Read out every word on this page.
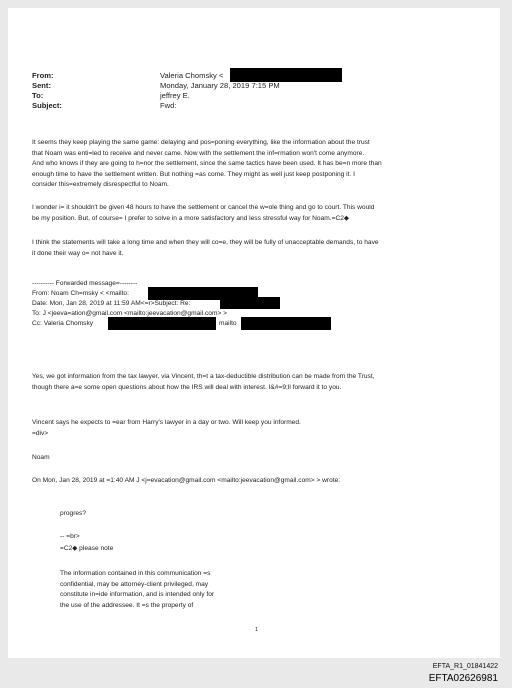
From:	Valeria Chomsky <
Sent:	Monday, January 28, 2019 7:15 PM
To:	jeffrey E.
Subject:	Fwd:
It seems they keep playing the same game: delaying and pos=poning everything, like the information about the trust
that Noam was enti=led to receive and never came. Now with the settlement the inf=rmation won't come anymore.
And who knows if they are going to h=nor the settlement, since the same tactics have been used. It has be=n more than
enough time to have the settlement written. But nothing =as come. They might as well just keep postponing it. I
consider this=extremely disrespectful to Noam.
I wonder i= it shouldn't be given 48 hours to have the settlement or cancel the w=ole thing and go to court. This would
be my position. But, of course= I prefer to solve in a more satisfactory and less stressful way for Noam.=C2◆
I think the statements will take a long time and when they will co=e, they will be fully of unacceptable demands, to have
it done their way o= not have it.
---------- Forwarded message=--------
From: Noam Ch=msky < <mailto:
Date: Mon, Jan 28, 2019 at 11:59 AM<=r>Subject: Re:
To: J <jeeva=ation@gmail.com <mailto:jeevacation@gmail.com> >
Cc: Valeria Chomsky	mailto
Yes, we got information from the tax lawyer, via Vincent, th=t a tax-deductible distribution can be made from the Trust,
though there a=e some open questions about how the IRS will deal with interest. I&#=9;ll forward it to you.
Vincent says he expects to =ear from Harry's lawyer in a day or two. Will keep you informed.
=div>
Noam
On Mon, Jan 28, 2019 at =1:40 AM J <j=evacation@gmail.com <mailto:jeevacation@gmail.com> > wrote:
progres?
-- =br>
=C2◆ please note
The information contained in this communication =s
confidential, may be attorney-client privileged, may
constitute in=ide information, and is intended only for
the use of the addressee. It =s the property of
1
EFTA_R1_01841422
EFTA02626981
